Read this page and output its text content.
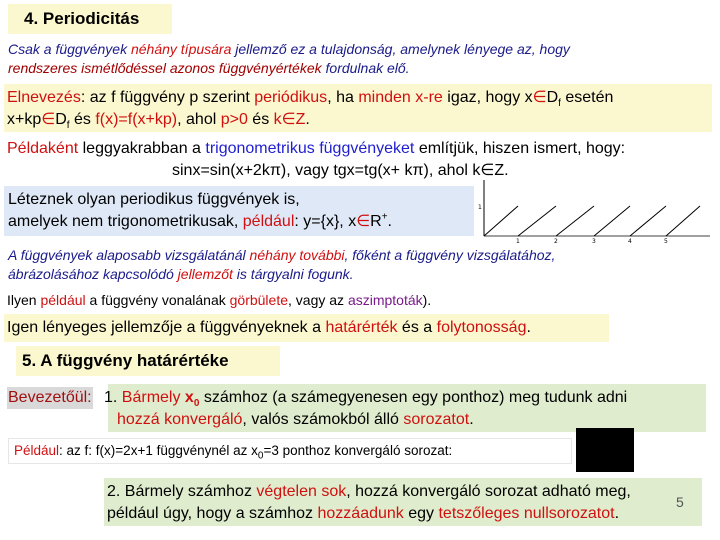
4. Periodicitás
Csak a függvények néhány típusára jellemző ez a tulajdonság, amelynek lényege az, hogy
rendszeres ismétlődéssel azonos függvényértékek fordulnak elő.
Elnevezés: az f függvény p szerint periódikus, ha minden x-re igaz, hogy $x\in D_f$ esetén
$x+kp\in D_f$ és f(x)=f(x+kp), ahol p>0 és k∈Z.
Példaként leggyakrabban a trigonometrikus függvényeket említjük, hiszen ismert, hogy:
sinx=sin(x+2kπ), vagy tgx=tg(x+ kπ), ahol k∈Z.
Léteznek olyan periodikus függvények is,
amelyek nem trigonometrikusak, például: y={x}, x∈R+.
1
1	2	3	4	5
A függvények alaposabb vizsgálatánál néhány további, főként a függvény vizsgálatához,
ábrázolásához kapcsolódó jellemzőt is tárgyalni fogunk.
Ilyen például a függvény vonalának görbülete, vagy az aszimptoták).
Igen lényeges jellemzője a függvényeknek a határérték és a folytonosság.
5. A függvény határértéke
Bevezetőül: 1. Bármely $x_0$ számhoz (a számegyenesen egy ponthoz) meg tudunk adni
hozzá konvergáló, valós számokból álló sorozatot.
Például: az f: f(x)=2x+1 függvénynél az $x_0=3$ ponthoz konvergáló sorozat:
2. Bármely számhoz végtelen sok, hozzá konvergáló sorozat adható meg,
például úgy, hogy a számhoz hozzáadunk egy tetszőleges nullsorozatot.
5
